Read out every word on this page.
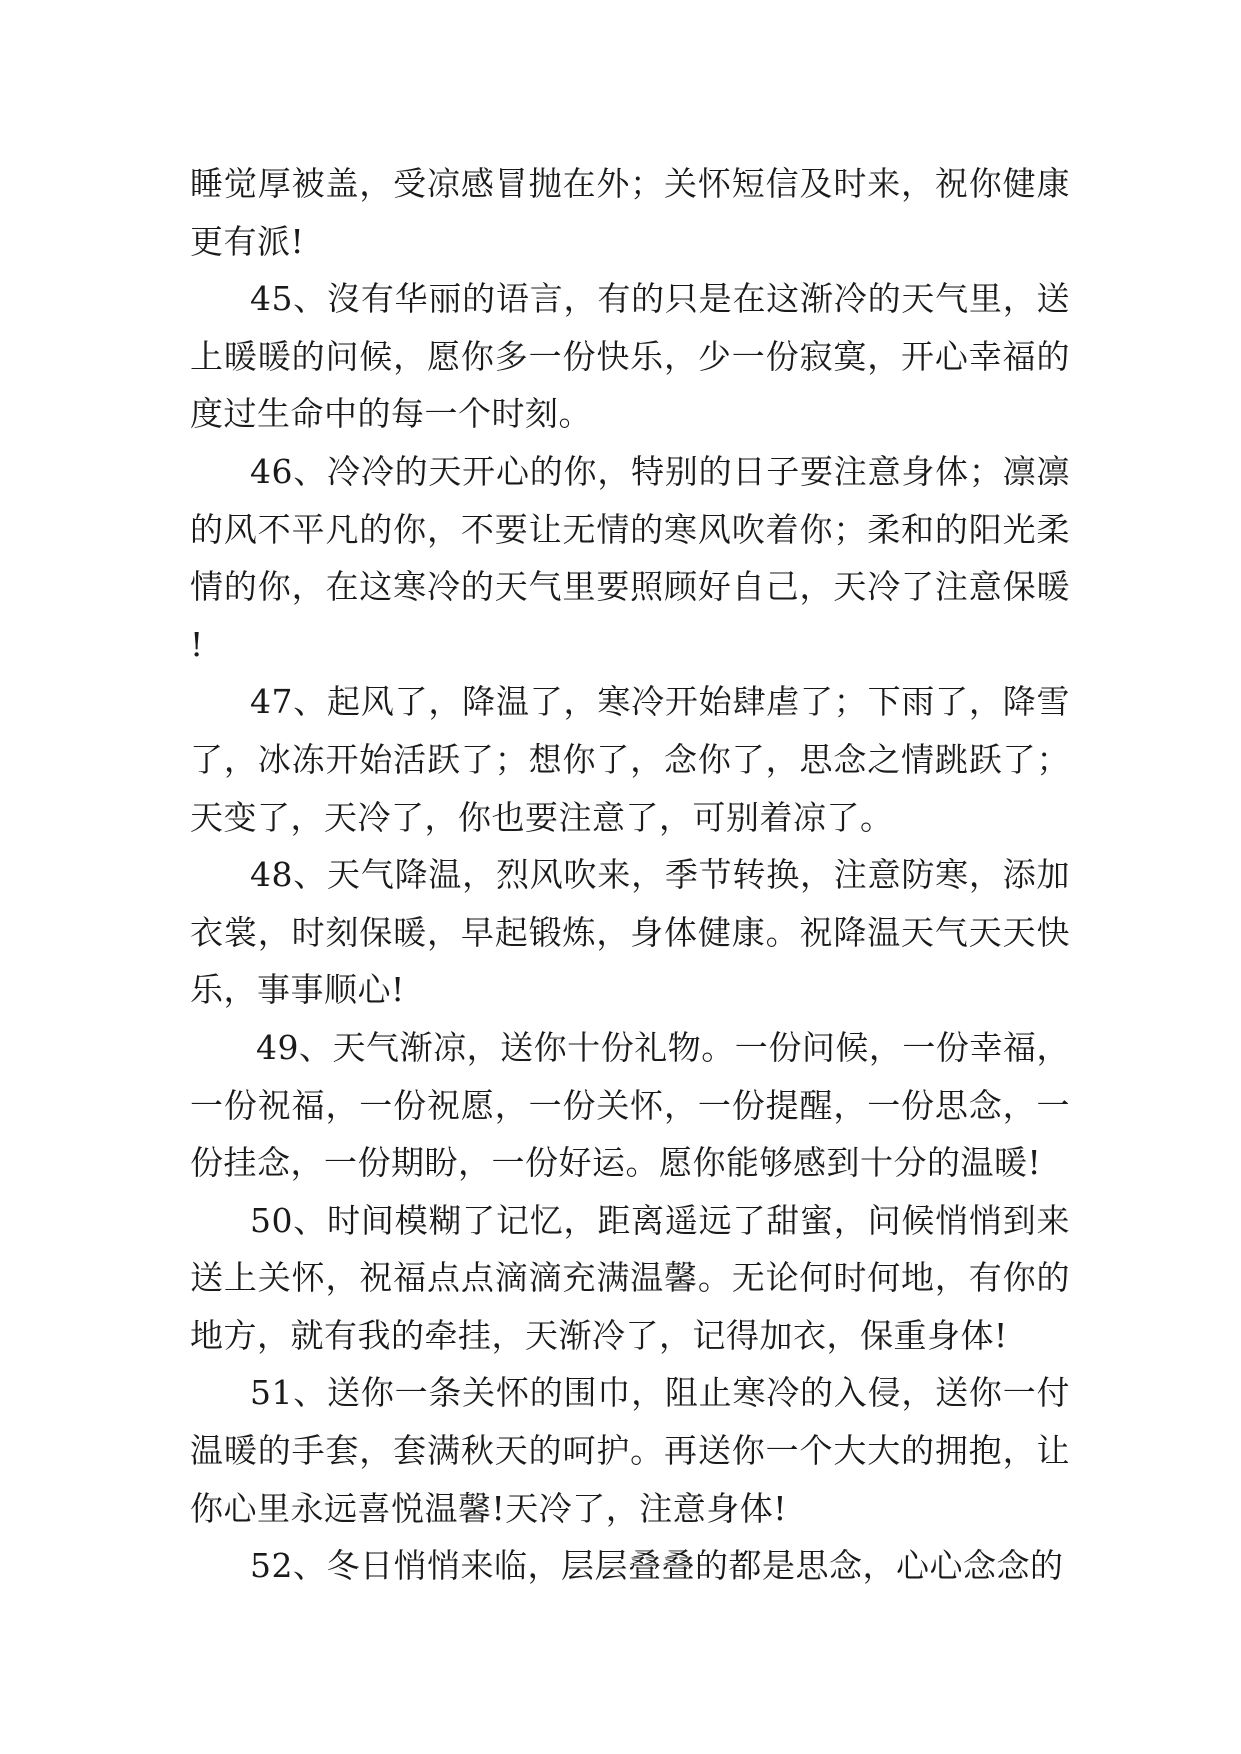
睡觉厚被盖，受凉感冒抛在外；关怀短信及时来，祝你健康更有派!

45、沒有华丽的语言，有的只是在这渐冷的天气里，送上暖暖的问候，愿你多一份快乐，少一份寂寞，开心幸福的度过生命中的每一个时刻。

46、冷冷的天开心的你，特别的日子要注意身体；凛凛的风不平凡的你，不要让无情的寒风吹着你；柔和的阳光柔情的你，在这寒冷的天气里要照顾好自己，天冷了注意保暖!

47、起风了，降温了，寒冷开始肆虐了；下雨了，降雪了，冰冻开始活跃了；想你了，念你了，思念之情跳跃了；天变了，天冷了，你也要注意了，可别着凉了。

48、天气降温，烈风吹来，季节转换，注意防寒，添加衣裳，时刻保暖，早起锻炼，身体健康。祝降温天气天天快乐，事事顺心!

49、天气渐凉，送你十份礼物。一份问候，一份幸福，一份祝福，一份祝愿，一份关怀，一份提醒，一份思念，一份挂念，一份期盼，一份好运。愿你能够感到十分的温暖!

50、时间模糊了记忆，距离遥远了甜蜜，问候悄悄到来送上关怀，祝福点点滴滴充满温馨。无论何时何地，有你的地方，就有我的牵挂，天渐冷了，记得加衣，保重身体!

51、送你一条关怀的围巾，阻止寒冷的入侵，送你一付温暖的手套，套满秋天的呵护。再送你一个大大的拥抱，让你心里永远喜悦温馨!天冷了，注意身体!

52、冬日悄悄来临，层层叠叠的都是思念，心心念念的
